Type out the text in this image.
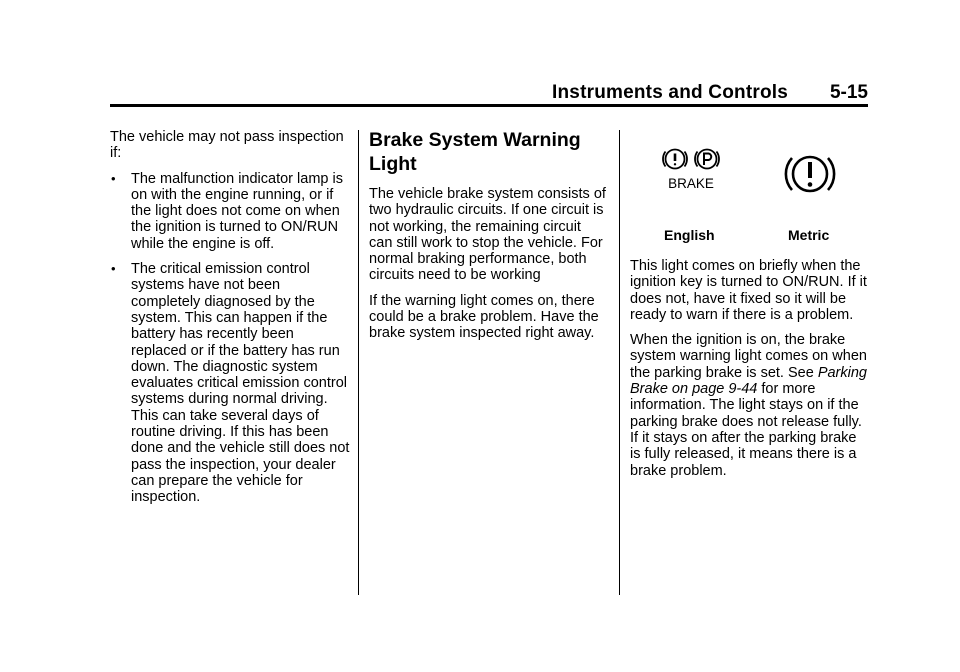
Instruments and Controls 5-15

The vehicle may not pass inspection if:

• The malfunction indicator lamp is on with the engine running, or if the light does not come on when the ignition is turned to ON/RUN while the engine is off.
• The critical emission control systems have not been completely diagnosed by the system. This can happen if the battery has recently been replaced or if the battery has run down. The diagnostic system evaluates critical emission control systems during normal driving. This can take several days of routine driving. If this has been done and the vehicle still does not pass the inspection, your dealer can prepare the vehicle for inspection.
Brake System Warning Light

The vehicle brake system consists of two hydraulic circuits. If one circuit is not working, the remaining circuit can still work to stop the vehicle. For normal braking performance, both circuits need to be working

If the warning light comes on, there could be a brake problem. Have the brake system inspected right away.

BRAKE
English	Metric

This light comes on briefly when the ignition key is turned to ON/RUN. If it does not, have it fixed so it will be ready to warn if there is a problem.

When the ignition is on, the brake system warning light comes on when the parking brake is set. See Parking Brake on page 9-44 for more information. The light stays on if the parking brake does not release fully. If it stays on after the parking brake is fully released, it means there is a brake problem.
